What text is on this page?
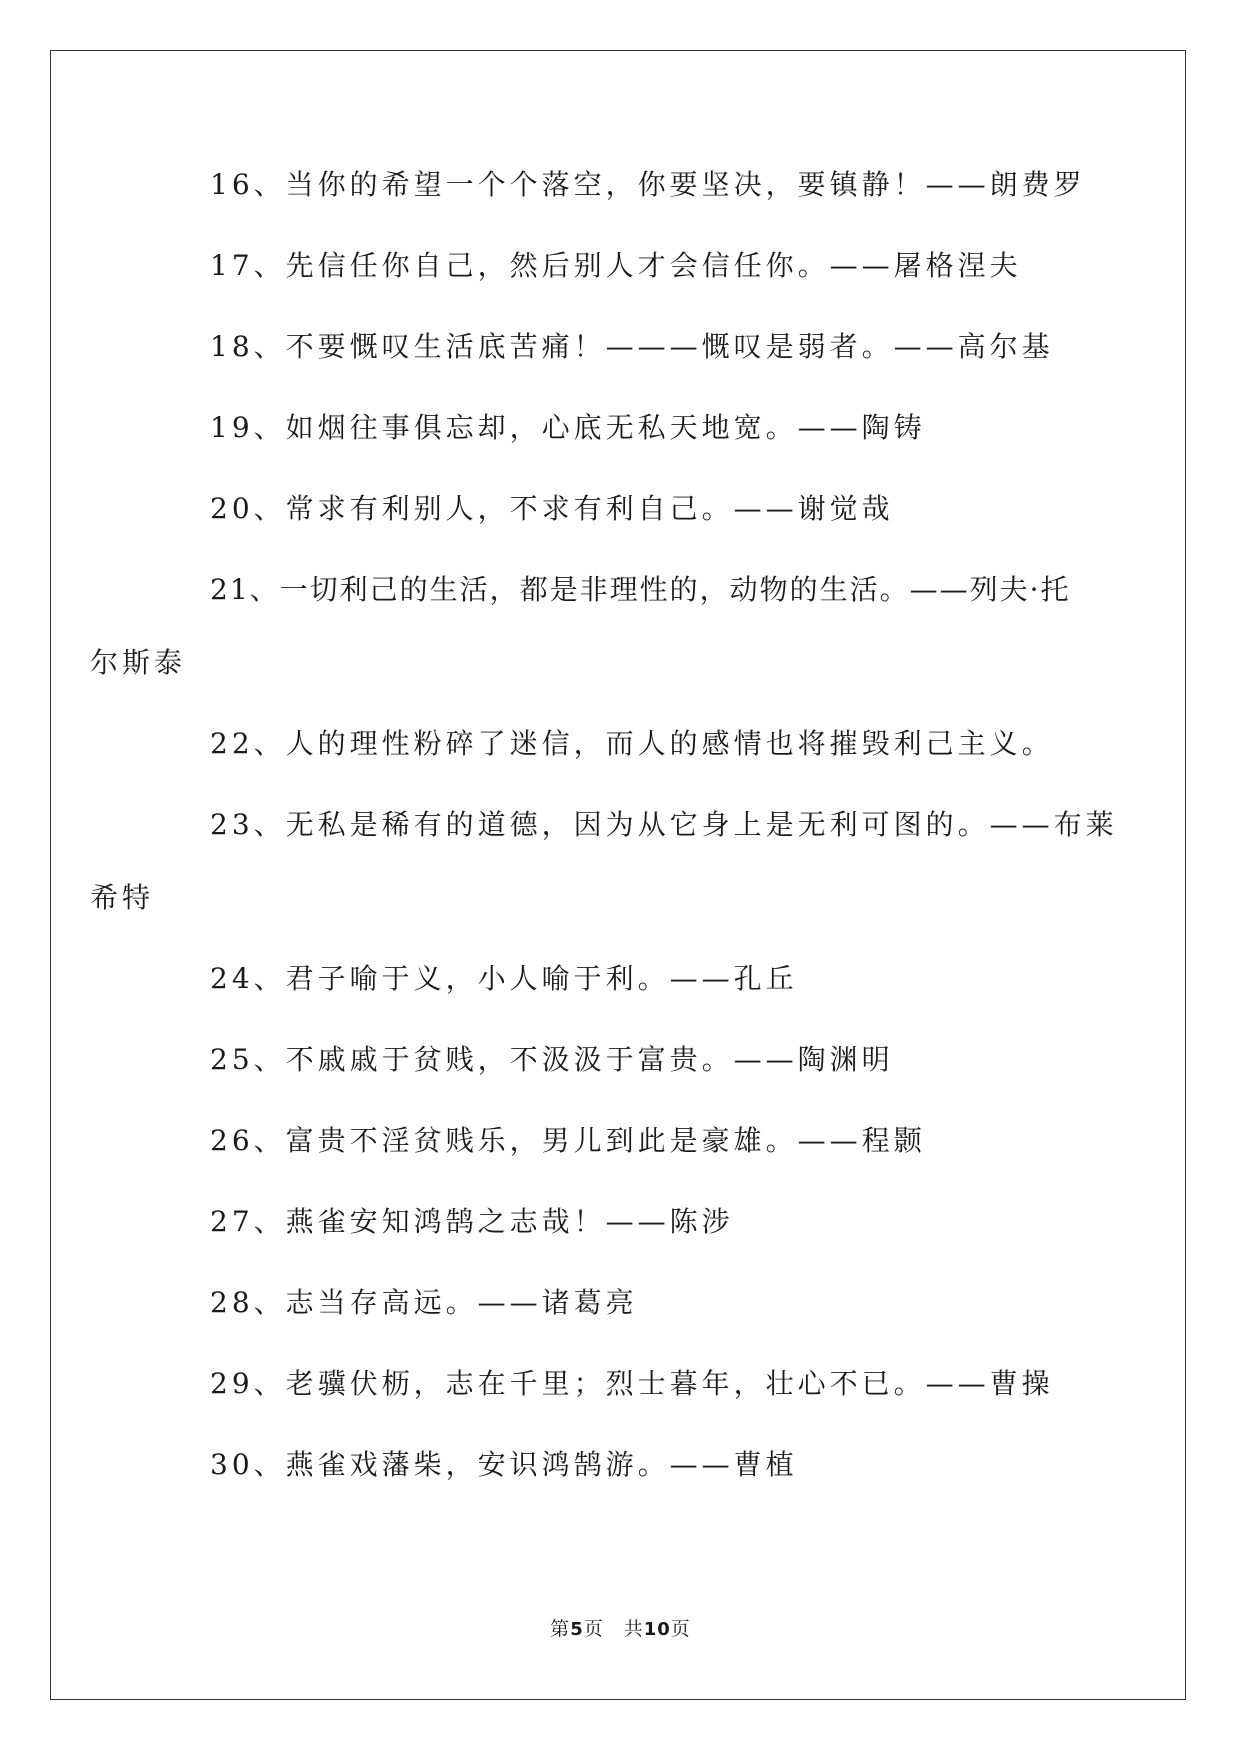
16、当你的希望一个个落空，你要坚决，要镇静！——朗费罗

17、先信任你自己，然后别人才会信任你。——屠格涅夫

18、不要慨叹生活底苦痛！———慨叹是弱者。——高尔基

19、如烟往事俱忘却，心底无私天地宽。——陶铸

20、常求有利别人，不求有利自己。——谢觉哉

21、一切利己的生活，都是非理性的，动物的生活。——列夫·托

尔斯泰

22、人的理性粉碎了迷信，而人的感情也将摧毁利己主义。

23、无私是稀有的道德，因为从它身上是无利可图的。——布莱

希特

24、君子喻于义，小人喻于利。——孔丘

25、不戚戚于贫贱，不汲汲于富贵。——陶渊明

26、富贵不淫贫贱乐，男儿到此是豪雄。——程颢

27、燕雀安知鸿鹄之志哉！——陈涉

28、志当存高远。——诸葛亮

29、老骥伏枥，志在千里；烈士暮年，壮心不已。——曹操

30、燕雀戏藩柴，安识鸿鹄游。——曹植

第5页　共10页
